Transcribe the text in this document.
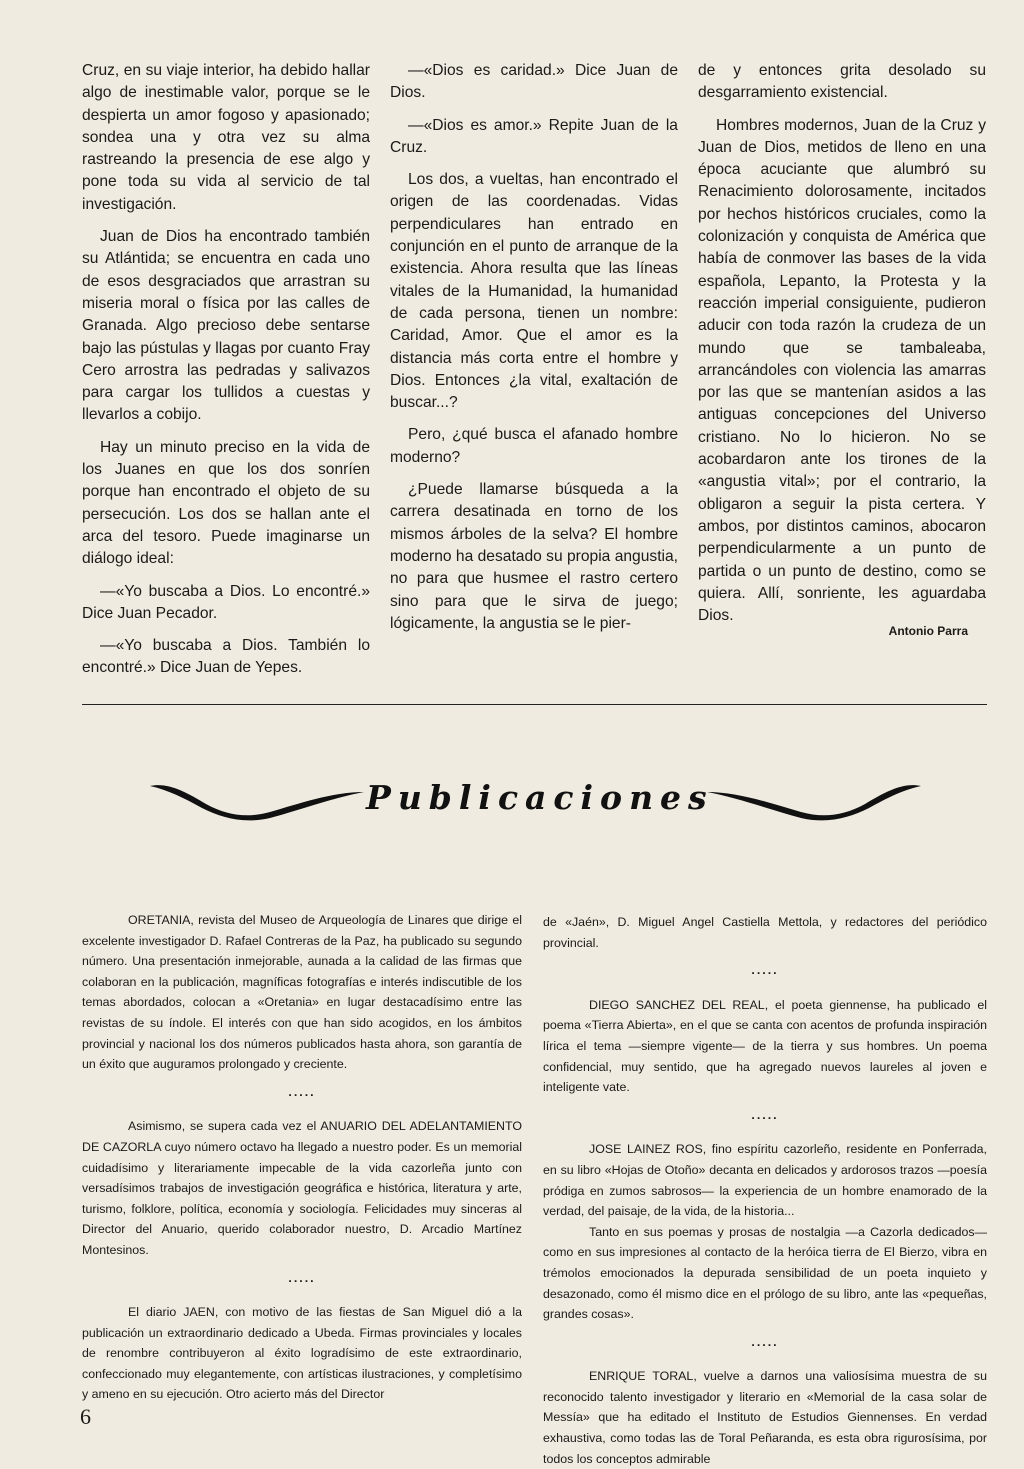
Cruz, en su viaje interior, ha debido hallar algo de inestimable valor, porque se le despierta un amor fogoso y apasionado; sondea una y otra vez su alma rastreando la presencia de ese algo y pone toda su vida al servicio de tal investigación.

Juan de Dios ha encontrado también su Atlántida; se encuentra en cada uno de esos desgraciados que arrastran su miseria moral o física por las calles de Granada. Algo precioso debe sentarse bajo las pústulas y llagas por cuanto Fray Cero arrostra las pedradas y salivazos para cargar los tullidos a cuestas y llevarlos a cobijo.

Hay un minuto preciso en la vida de los Juanes en que los dos sonríen porque han encontrado el objeto de su persecución. Los dos se hallan ante el arca del tesoro. Puede imaginarse un diálogo ideal:

—«Yo buscaba a Dios. Lo encontré.» Dice Juan Pecador.

—«Yo buscaba a Dios. También lo encontré.» Dice Juan de Yepes.

—«Dios es caridad.» Dice Juan de Dios.

—«Dios es amor.» Repite Juan de la Cruz.

Los dos, a vueltas, han encontrado el origen de las coordenadas. Vidas perpendiculares han entrado en conjunción en el punto de arranque de la existencia. Ahora resulta que las líneas vitales de la Humanidad, la humanidad de cada persona, tienen un nombre: Caridad, Amor. Que el amor es la distancia más corta entre el hombre y Dios. Entonces ¿la vital, exaltación de buscar...?

Pero, ¿qué busca el afanado hombre moderno?

¿Puede llamarse búsqueda a la carrera desatinada en torno de los mismos árboles de la selva? El hombre moderno ha desatado su propia angustia, no para que husmee el rastro certero sino para que le sirva de juego; lógicamente, la angustia se le pier-

de y entonces grita desolado su desgarramiento existencial.

Hombres modernos, Juan de la Cruz y Juan de Dios, metidos de lleno en una época acuciante que alumbró su Renacimiento dolorosamente, incitados por hechos históricos cruciales, como la colonización y conquista de América que había de conmover las bases de la vida española, Lepanto, la Protesta y la reacción imperial consiguiente, pudieron aducir con toda razón la crudeza de un mundo que se tambaleaba, arrancándoles con violencia las amarras por las que se mantenían asidos a las antiguas concepciones del Universo cristiano. No lo hicieron. No se acobardaron ante los tirones de la «angustia vital»; por el contrario, la obligaron a seguir la pista certera. Y ambos, por distintos caminos, abocaron perpendicularmente a un punto de partida o un punto de destino, como se quiera. Allí, sonriente, les aguardaba Dios.

Antonio Parra
Publicaciones

ORETANIA, revista del Museo de Arqueología de Linares que dirige el excelente investigador D. Rafael Contreras de la Paz, ha publicado su segundo número. Una presentación inmejorable, aunada a la calidad de las firmas que colaboran en la publicación, magníficas fotografías e interés indiscutible de los temas abordados, colocan a «Oretania» en lugar destacadísimo entre las revistas de su índole. El interés con que han sido acogidos, en los ámbitos provincial y nacional los dos números publicados hasta ahora, son garantía de un éxito que auguramos prolongado y creciente.

.....

Asimismo, se supera cada vez el ANUARIO DEL ADELANTAMIENTO DE CAZORLA cuyo número octavo ha llegado a nuestro poder. Es un memorial cuidadísimo y literariamente impecable de la vida cazorleña junto con versadísimos trabajos de investigación geográfica e histórica, literatura y arte, turismo, folklore, política, economía y sociología. Felicidades muy sinceras al Director del Anuario, querido colaborador nuestro, D. Arcadio Martínez Montesinos.

.....

El diario JAEN, con motivo de las fiestas de San Miguel dió a la publicación un extraordinario dedicado a Ubeda. Firmas provinciales y locales de renombre contribuyeron al éxito logradísimo de este extraordinario, confeccionado muy elegantemente, con artísticas ilustraciones, y completísimo y ameno en su ejecución. Otro acierto más del Director

de «Jaén», D. Miguel Angel Castiella Mettola, y redactores del periódico provincial.

.....

DIEGO SANCHEZ DEL REAL, el poeta giennense, ha publicado el poema «Tierra Abierta», en el que se canta con acentos de profunda inspiración lírica el tema —siempre vigente— de la tierra y sus hombres. Un poema confidencial, muy sentido, que ha agregado nuevos laureles al joven e inteligente vate.

.....

JOSE LAINEZ ROS, fino espíritu cazorleño, residente en Ponferrada, en su libro «Hojas de Otoño» decanta en delicados y ardorosos trazos —poesía pródiga en zumos sabrosos— la experiencia de un hombre enamorado de la verdad, del paisaje, de la vida, de la historia...

Tanto en sus poemas y prosas de nostalgia —a Cazorla dedicados— como en sus impresiones al contacto de la heróica tierra de El Bierzo, vibra en trémolos emocionados la depurada sensibilidad de un poeta inquieto y desazonado, como él mismo dice en el prólogo de su libro, ante las «pequeñas, grandes cosas».

.....

ENRIQUE TORAL, vuelve a darnos una valiosísima muestra de su reconocido talento investigador y literario en «Memorial de la casa solar de Messía» que ha editado el Instituto de Estudios Giennenses. En verdad exhaustiva, como todas las de Toral Peñaranda, es esta obra rigurosísima, por todos los conceptos admirable

6
